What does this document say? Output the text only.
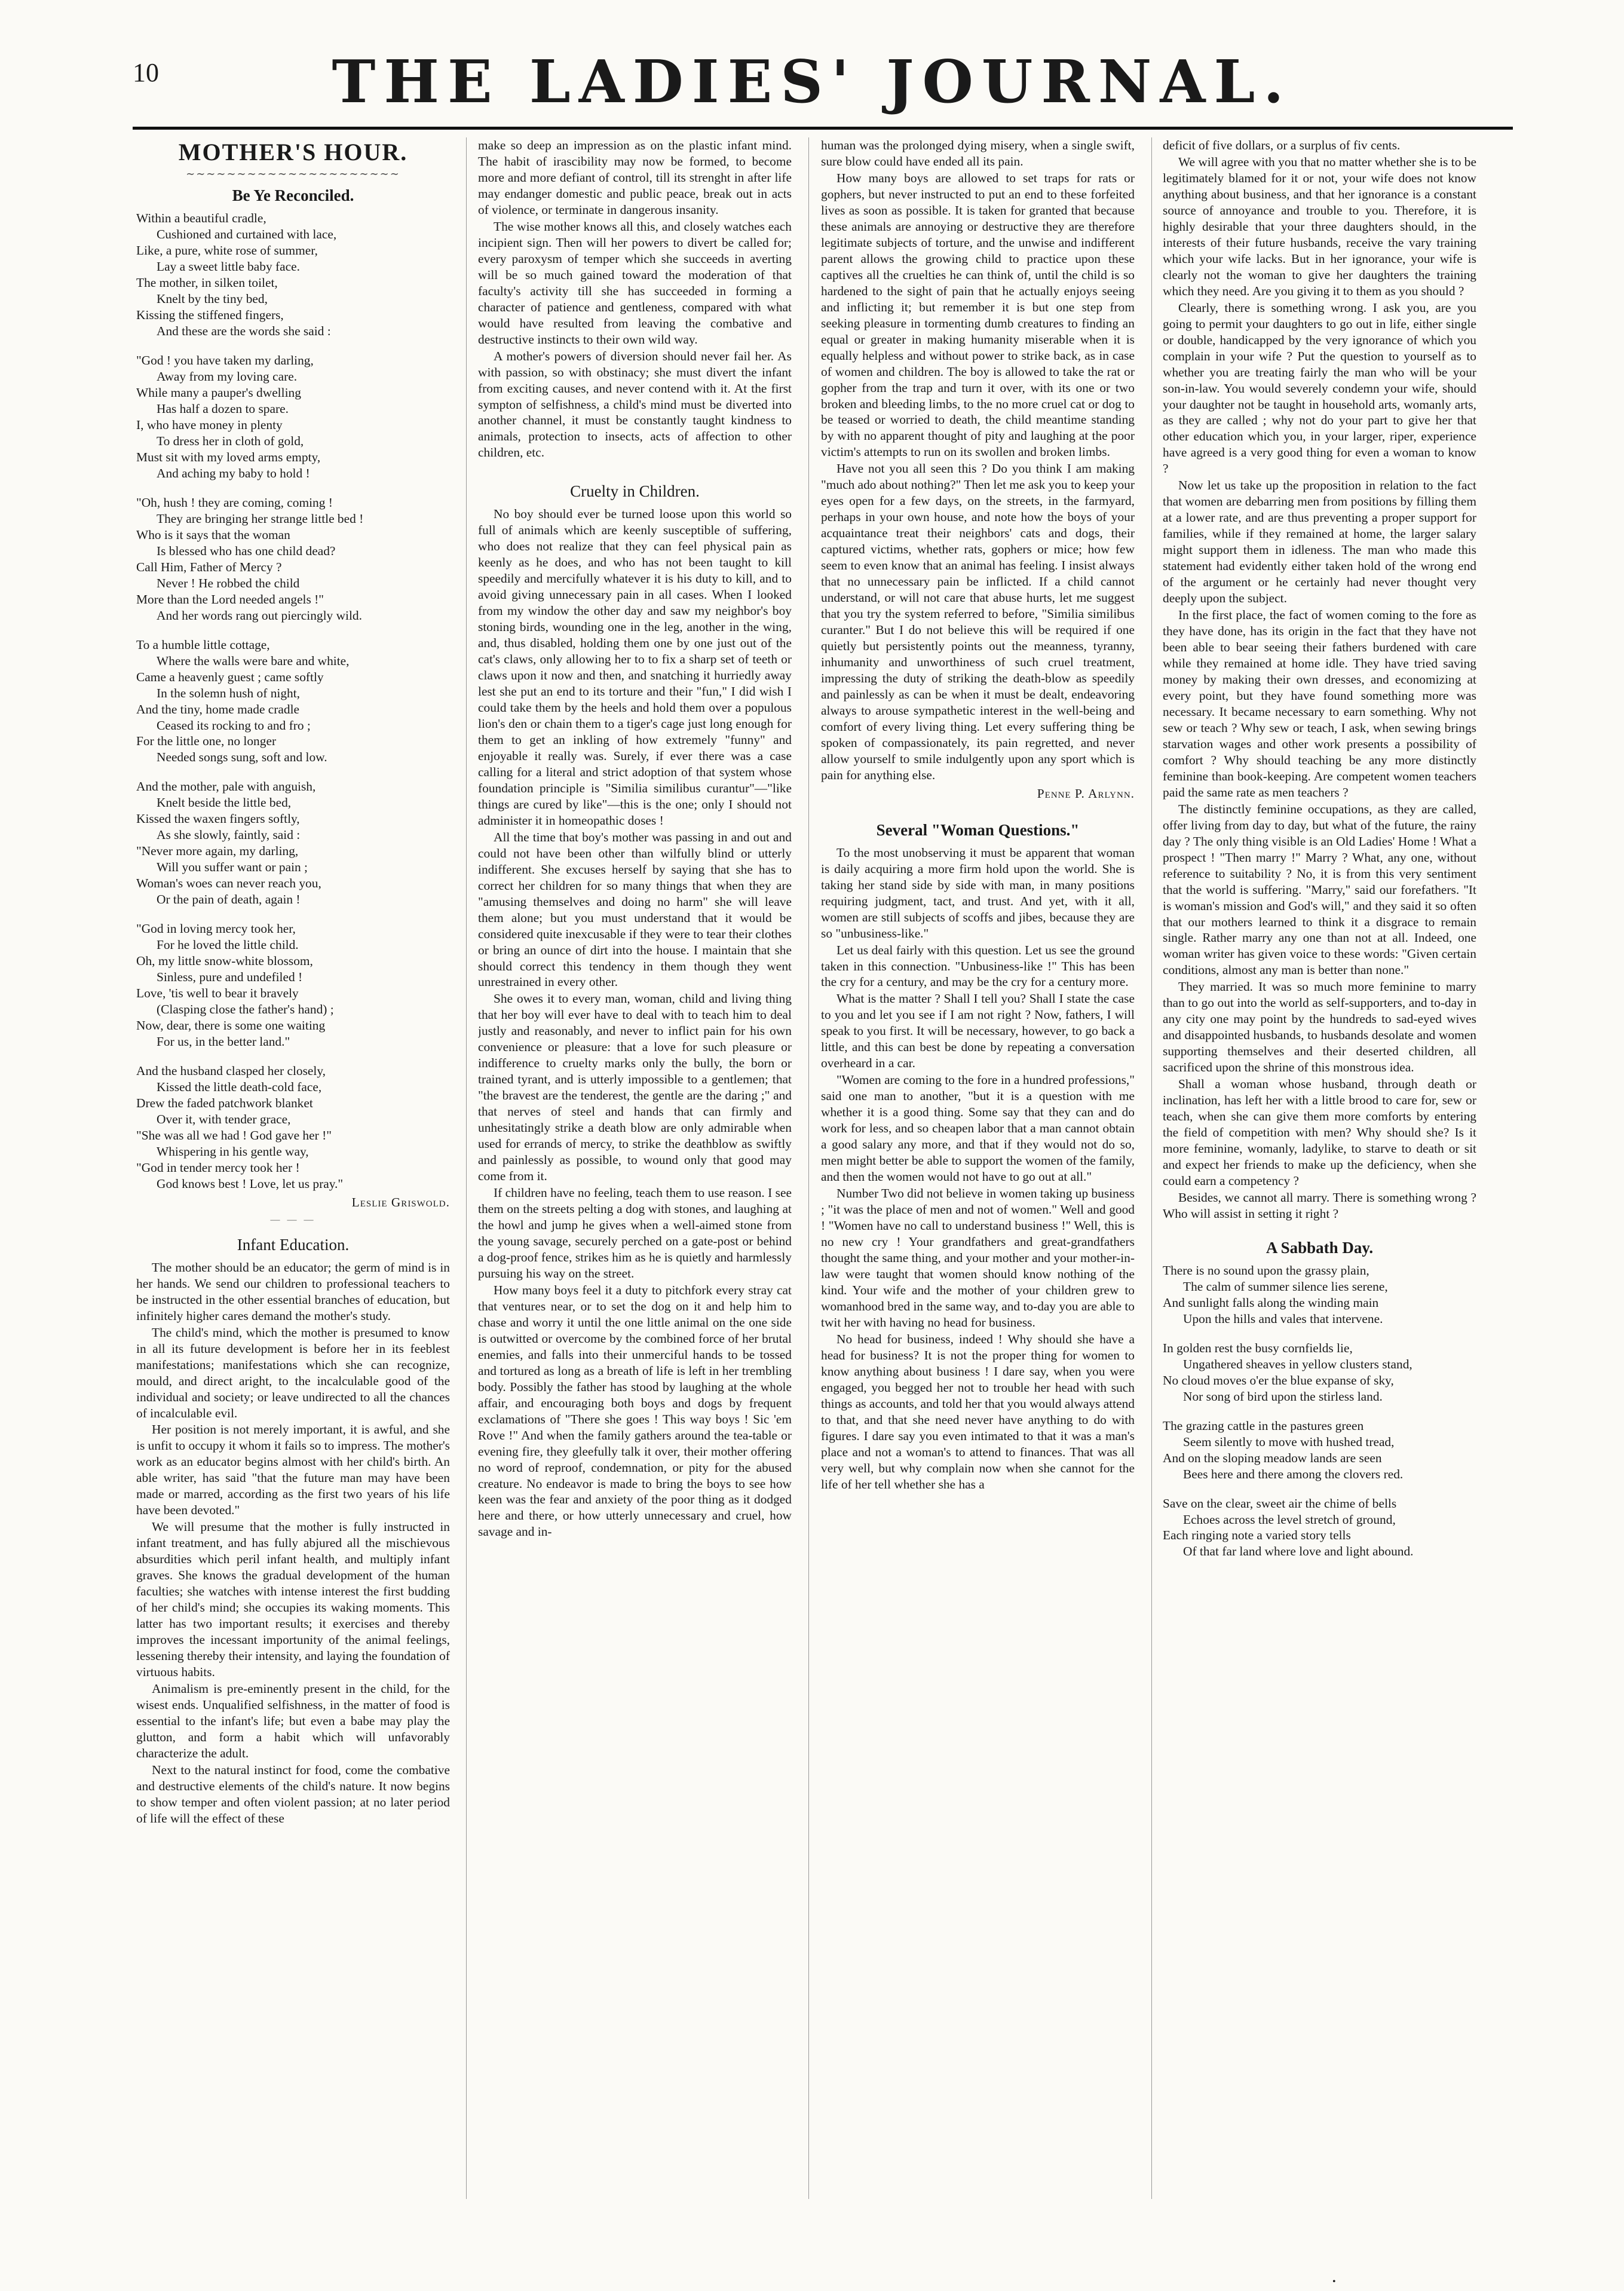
10	THE LADIES' JOURNAL.
MOTHER'S HOUR.
∼∼∼∼∼∼∼∼∼∼∼∼∼∼∼∼∼∼∼∼∼
Be Ye Reconciled.
Within a beautiful cradle,
Cushioned and curtained with lace,
Like, a pure, white rose of summer,
Lay a sweet little baby face.
The mother, in silken toilet,
Knelt by the tiny bed,
Kissing the stiffened fingers,
And these are the words she said :
"God ! you have taken my darling,
Away from my loving care.
While many a pauper's dwelling
Has half a dozen to spare.
I, who have money in plenty
To dress her in cloth of gold,
Must sit with my loved arms empty,
And aching my baby to hold !
"Oh, hush ! they are coming, coming !
They are bringing her strange little bed !
Who is it says that the woman
Is blessed who has one child dead?
Call Him, Father of Mercy ?
Never ! He robbed the child
More than the Lord needed angels !"
And her words rang out piercingly wild.
To a humble little cottage,
Where the walls were bare and white,
Came a heavenly guest ; came softly
In the solemn hush of night,
And the tiny, home made cradle
Ceased its rocking to and fro ;
For the little one, no longer
Needed songs sung, soft and low.
And the mother, pale with anguish,
Knelt beside the little bed,
Kissed the waxen fingers softly,
As she slowly, faintly, said :
"Never more again, my darling,
Will you suffer want or pain ;
Woman's woes can never reach you,
Or the pain of death, again !
"God in loving mercy took her,
For he loved the little child.
Oh, my little snow-white blossom,
Sinless, pure and undefiled !
Love, 'tis well to bear it bravely
(Clasping close the father's hand) ;
Now, dear, there is some one waiting
For us, in the better land."
And the husband clasped her closely,
Kissed the little death-cold face,
Drew the faded patchwork blanket
Over it, with tender grace,
"She was all we had ! God gave her !"
Whispering in his gentle way,
"God in tender mercy took her !
God knows best ! Love, let us pray."
Leslie Griswold.
— — —
Infant Education.

The mother should be an educator; the germ of mind is in her hands. We send our children to professional teachers to be instructed in the other essential branches of education, but infinitely higher cares demand the mother's study.

The child's mind, which the mother is presumed to know in all its future development is before her in its feeblest manifestations; manifestations which she can recognize, mould, and direct aright, to the incalculable good of the individual and society; or leave undirected to all the chances of incalculable evil.

Her position is not merely important, it is awful, and she is unfit to occupy it whom it fails so to impress. The mother's work as an educator begins almost with her child's birth. An able writer, has said "that the future man may have been made or marred, according as the first two years of his life have been devoted."

We will presume that the mother is fully instructed in infant treatment, and has fully abjured all the mischievous absurdities which peril infant health, and multiply infant graves. She knows the gradual development of the human faculties; she watches with intense interest the first budding of her child's mind; she occupies its waking moments. This latter has two important results; it exercises and thereby improves the incessant importunity of the animal feelings, lessening thereby their intensity, and laying the foundation of virtuous habits.

Animalism is pre-eminently present in the child, for the wisest ends. Unqualified selfishness, in the matter of food is essential to the infant's life; but even a babe may play the glutton, and form a habit which will unfavorably characterize the adult.

Next to the natural instinct for food, come the combative and destructive elements of the child's nature. It now begins to show temper and often violent passion; at no later period of life will the effect of these

make so deep an impression as on the plastic infant mind. The habit of irascibility may now be formed, to become more and more defiant of control, till its strenght in after life may endanger domestic and public peace, break out in acts of violence, or terminate in dangerous insanity.

The wise mother knows all this, and closely watches each incipient sign. Then will her powers to divert be called for; every paroxysm of temper which she succeeds in averting will be so much gained toward the moderation of that faculty's activity till she has succeeded in forming a character of patience and gentleness, compared with what would have resulted from leaving the combative and destructive instincts to their own wild way.

A mother's powers of diversion should never fail her. As with passion, so with obstinacy; she must divert the infant from exciting causes, and never contend with it. At the first sympton of selfishness, a child's mind must be diverted into another channel, it must be constantly taught kindness to animals, protection to insects, acts of affection to other children, etc.

Cruelty in Children.

No boy should ever be turned loose upon this world so full of animals which are keenly susceptible of suffering, who does not realize that they can feel physical pain as keenly as he does, and who has not been taught to kill speedily and mercifully whatever it is his duty to kill, and to avoid giving unnecessary pain in all cases. When I looked from my window the other day and saw my neighbor's boy stoning birds, wounding one in the leg, another in the wing, and, thus disabled, holding them one by one just out of the cat's claws, only allowing her to to fix a sharp set of teeth or claws upon it now and then, and snatching it hurriedly away lest she put an end to its torture and their "fun," I did wish I could take them by the heels and hold them over a populous lion's den or chain them to a tiger's cage just long enough for them to get an inkling of how extremely "funny" and enjoyable it really was. Surely, if ever there was a case calling for a literal and strict adoption of that system whose foundation principle is "Similia similibus curantur"—"like things are cured by like"—this is the one; only I should not administer it in homeopathic doses !

All the time that boy's mother was passing in and out and could not have been other than wilfully blind or utterly indifferent. She excuses herself by saying that she has to correct her children for so many things that when they are "amusing themselves and doing no harm" she will leave them alone; but you must understand that it would be considered quite inexcusable if they were to tear their clothes or bring an ounce of dirt into the house. I maintain that she should correct this tendency in them though they went unrestrained in every other.

She owes it to every man, woman, child and living thing that her boy will ever have to deal with to teach him to deal justly and reasonably, and never to inflict pain for his own convenience or pleasure: that a love for such pleasure or indifference to cruelty marks only the bully, the born or trained tyrant, and is utterly impossible to a gentlemen; that "the bravest are the tenderest, the gentle are the daring ;" and that nerves of steel and hands that can firmly and unhesitatingly strike a death blow are only admirable when used for errands of mercy, to strike the deathblow as swiftly and painlessly as possible, to wound only that good may come from it.

If children have no feeling, teach them to use reason. I see them on the streets pelting a dog with stones, and laughing at the howl and jump he gives when a well-aimed stone from the young savage, securely perched on a gate-post or behind a dog-proof fence, strikes him as he is quietly and harmlessly pursuing his way on the street.

How many boys feel it a duty to pitchfork every stray cat that ventures near, or to set the dog on it and help him to chase and worry it until the one little animal on the one side is outwitted or overcome by the combined force of her brutal enemies, and falls into their unmerciful hands to be tossed and tortured as long as a breath of life is left in her trembling body. Possibly the father has stood by laughing at the whole affair, and encouraging both boys and dogs by frequent exclamations of "There she goes ! This way boys ! Sic 'em Rove !" And when the family gathers around the tea-table or evening fire, they gleefully talk it over, their mother offering no word of reproof, condemnation, or pity for the abused creature. No endeavor is made to bring the boys to see how keen was the fear and anxiety of the poor thing as it dodged here and there, or how utterly unnecessary and cruel, how savage and in-

human was the prolonged dying misery, when a single swift, sure blow could have ended all its pain.

How many boys are allowed to set traps for rats or gophers, but never instructed to put an end to these forfeited lives as soon as possible. It is taken for granted that because these animals are annoying or destructive they are therefore legitimate subjects of torture, and the unwise and indifferent parent allows the growing child to practice upon these captives all the cruelties he can think of, until the child is so hardened to the sight of pain that he actually enjoys seeing and inflicting it; but remember it is but one step from seeking pleasure in tormenting dumb creatures to finding an equal or greater in making humanity miserable when it is equally helpless and without power to strike back, as in case of women and children. The boy is allowed to take the rat or gopher from the trap and turn it over, with its one or two broken and bleeding limbs, to the no more cruel cat or dog to be teased or worried to death, the child meantime standing by with no apparent thought of pity and laughing at the poor victim's attempts to run on its swollen and broken limbs.

Have not you all seen this ? Do you think I am making "much ado about nothing?" Then let me ask you to keep your eyes open for a few days, on the streets, in the farmyard, perhaps in your own house, and note how the boys of your acquaintance treat their neighbors' cats and dogs, their captured victims, whether rats, gophers or mice; how few seem to even know that an animal has feeling. I insist always that no unnecessary pain be inflicted. If a child cannot understand, or will not care that abuse hurts, let me suggest that you try the system referred to before, "Similia similibus curanter." But I do not believe this will be required if one quietly but persistently points out the meanness, tyranny, inhumanity and unworthiness of such cruel treatment, impressing the duty of striking the death-blow as speedily and painlessly as can be when it must be dealt, endeavoring always to arouse sympathetic interest in the well-being and comfort of every living thing. Let every suffering thing be spoken of compassionately, its pain regretted, and never allow yourself to smile indulgently upon any sport which is pain for anything else.

Penne P. Arlynn.
Several "Woman Questions."

To the most unobserving it must be apparent that woman is daily acquiring a more firm hold upon the world. She is taking her stand side by side with man, in many positions requiring judgment, tact, and trust. And yet, with it all, women are still subjects of scoffs and jibes, because they are so "unbusiness-like."

Let us deal fairly with this question. Let us see the ground taken in this connection. "Unbusiness-like !" This has been the cry for a century, and may be the cry for a century more.

What is the matter ? Shall I tell you? Shall I state the case to you and let you see if I am not right ? Now, fathers, I will speak to you first. It will be necessary, however, to go back a little, and this can best be done by repeating a conversation overheard in a car.

"Women are coming to the fore in a hundred professions," said one man to another, "but it is a question with me whether it is a good thing. Some say that they can and do work for less, and so cheapen labor that a man cannot obtain a good salary any more, and that if they would not do so, men might better be able to support the women of the family, and then the women would not have to go out at all."

Number Two did not believe in women taking up business ; "it was the place of men and not of women." Well and good ! "Women have no call to understand business !" Well, this is no new cry ! Your grandfathers and great-grandfathers thought the same thing, and your mother and your mother-in-law were taught that women should know nothing of the kind. Your wife and the mother of your children grew to womanhood bred in the same way, and to-day you are able to twit her with having no head for business.

No head for business, indeed ! Why should she have a head for business? It is not the proper thing for women to know anything about business ! I dare say, when you were engaged, you begged her not to trouble her head with such things as accounts, and told her that you would always attend to that, and that she need never have anything to do with figures. I dare say you even intimated to that it was a man's place and not a woman's to attend to finances. That was all very well, but why complain now when she cannot for the life of her tell whether she has a

deficit of five dollars, or a surplus of fiv cents.

We will agree with you that no matter whether she is to be legitimately blamed for it or not, your wife does not know anything about business, and that her ignorance is a constant source of annoyance and trouble to you. Therefore, it is highly desirable that your three daughters should, in the interests of their future husbands, receive the vary training which your wife lacks. But in her ignorance, your wife is clearly not the woman to give her daughters the training which they need. Are you giving it to them as you should ?

Clearly, there is something wrong. I ask you, are you going to permit your daughters to go out in life, either single or double, handicapped by the very ignorance of which you complain in your wife ? Put the question to yourself as to whether you are treating fairly the man who will be your son-in-law. You would severely condemn your wife, should your daughter not be taught in household arts, womanly arts, as they are called ; why not do your part to give her that other education which you, in your larger, riper, experience have agreed is a very good thing for even a woman to know ?

Now let us take up the proposition in relation to the fact that women are debarring men from positions by filling them at a lower rate, and are thus preventing a proper support for families, while if they remained at home, the larger salary might support them in idleness. The man who made this statement had evidently either taken hold of the wrong end of the argument or he certainly had never thought very deeply upon the subject.

In the first place, the fact of women coming to the fore as they have done, has its origin in the fact that they have not been able to bear seeing their fathers burdened with care while they remained at home idle. They have tried saving money by making their own dresses, and economizing at every point, but they have found something more was necessary. It became necessary to earn something. Why not sew or teach ? Why sew or teach, I ask, when sewing brings starvation wages and other work presents a possibility of comfort ? Why should teaching be any more distinctly feminine than book-keeping. Are competent women teachers paid the same rate as men teachers ?

The distinctly feminine occupations, as they are called, offer living from day to day, but what of the future, the rainy day ? The only thing visible is an Old Ladies' Home ! What a prospect ! "Then marry !" Marry ? What, any one, without reference to suitability ? No, it is from this very sentiment that the world is suffering. "Marry," said our forefathers. "It is woman's mission and God's will," and they said it so often that our mothers learned to think it a disgrace to remain single. Rather marry any one than not at all. Indeed, one woman writer has given voice to these words: "Given certain conditions, almost any man is better than none."

They married. It was so much more feminine to marry than to go out into the world as self-supporters, and to-day in any city one may point by the hundreds to sad-eyed wives and disappointed husbands, to husbands desolate and women supporting themselves and their deserted children, all sacrificed upon the shrine of this monstrous idea.

Shall a woman whose husband, through death or inclination, has left her with a little brood to care for, sew or teach, when she can give them more comforts by entering the field of competition with men? Why should she? Is it more feminine, womanly, ladylike, to starve to death or sit and expect her friends to make up the deficiency, when she could earn a competency ?

Besides, we cannot all marry. There is something wrong ? Who will assist in setting it right ?

A Sabbath Day.
There is no sound upon the grassy plain,
The calm of summer silence lies serene,
And sunlight falls along the winding main
Upon the hills and vales that intervene.
In golden rest the busy cornfields lie,
Ungathered sheaves in yellow clusters stand,
No cloud moves o'er the blue expanse of sky,
Nor song of bird upon the stirless land.
The grazing cattle in the pastures green
Seem silently to move with hushed tread,
And on the sloping meadow lands are seen
Bees here and there among the clovers red.
Save on the clear, sweet air the chime of bells
Echoes across the level stretch of ground,
Each ringing note a varied story tells
Of that far land where love and light abound.
•
